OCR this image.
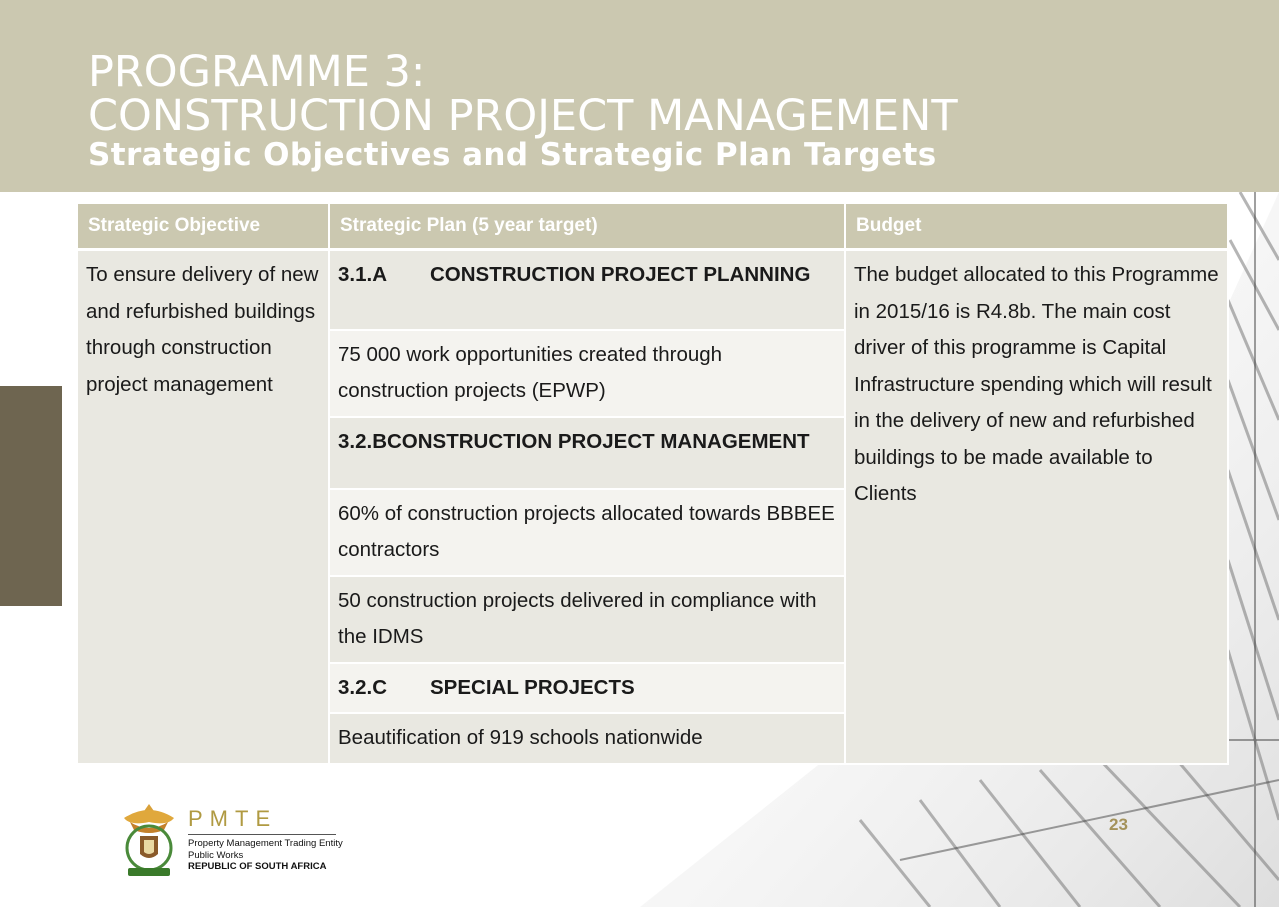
PROGRAMME 3:
CONSTRUCTION PROJECT MANAGEMENT
Strategic Objectives and Strategic Plan Targets
Strategic Objective	Strategic Plan (5 year target)	Budget
To ensure delivery of new and refurbished buildings through construction project management	3.1.A CONSTRUCTION PROJECT PLANNING	The budget allocated to this Programme in 2015/16 is R4.8b. The main cost driver of this programme is Capital Infrastructure spending which will result in the delivery of new and refurbished buildings to be made available to Clients
	75 000 work opportunities created through construction projects (EPWP)	
	3.2.BCONSTRUCTION PROJECT MANAGEMENT	
	60% of construction projects allocated towards BBBEE contractors	
	50 construction projects delivered in compliance with the IDMS	
	3.2.C SPECIAL PROJECTS	
	Beautification of 919 schools nationwide	

PMTE

Property Management Trading Entity

Public Works

REPUBLIC OF SOUTH AFRICA

23
